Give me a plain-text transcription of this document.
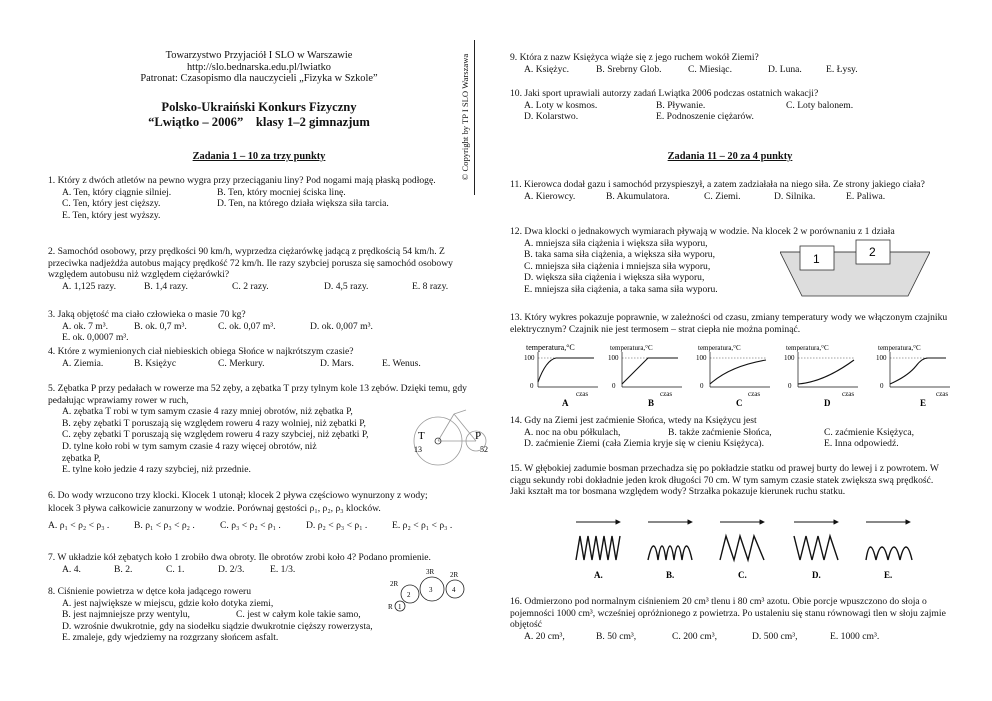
Towarzystwo Przyjaciół I SLO w Warszawie

http://slo.bednarska.edu.pl/lwiatko

Patronat: Czasopismo dla nauczycieli „Fizyka w Szkole”

Polsko-Ukraiński Konkurs Fizyczny

“Lwiątko – 2006”    klasy 1–2 gimnazjum

Zadania 1 – 10 za trzy punkty

1. Który z dwóch atletów na pewno wygra przy przeciąganiu liny? Pod nogami mają płaską podłogę.

A. Ten, który ciągnie silniej.	B. Ten, który mocniej ściska linę.
C. Ten, który jest cięższy.	D. Ten, na którego działa większa siła tarcia.
E. Ten, który jest wyższy.

2. Samochód osobowy, przy prędkości 90 km/h, wyprzedza ciężarówkę jadącą z prędkością 54 km/h. Z przeciwka nadjeżdża autobus mający prędkość 72 km/h. Ile razy szybciej porusza się samochód osobowy względem autobusu niż względem ciężarówki?

A. 1,125 razy.	B. 1,4 razy.	C. 2 razy.	D. 4,5 razy.	E. 8 razy.

3. Jaką objętość ma ciało człowieka o masie 70 kg?

A. ok. 7 m³.	B. ok. 0,7 m³.	C. ok. 0,07 m³.	D. ok. 0,007 m³.
E. ok. 0,0007 m³.

4. Które z wymienionych ciał niebieskich obiega Słońce w najkrótszym czasie?

A. Ziemia.	B. Księżyc	C. Merkury.	D. Mars.	E. Wenus.

5. Zębatka P przy pedałach w rowerze ma 52 zęby, a zębatka T przy tylnym kole 13 zębów. Dzięki temu, gdy pedałując wprawiamy rower w ruch,

A. zębatka T robi w tym samym czasie 4 razy mniej obrotów, niż zębatka P,

B. zęby zębatki T poruszają się względem roweru 4 razy wolniej, niż zębatki P,

C. zęby zębatki T poruszają się względem roweru 4 razy szybciej, niż zębatki P,

D. tylne koło robi w tym samym czasie 4 razy więcej obrotów, niż

zębatka P,

E. tylne koło jedzie 4 razy szybciej, niż przednie.

T	P
13	52

6. Do wody wrzucono trzy klocki. Klocek 1 utonął; klocek 2 pływa częściowo wynurzony z wody;

klocek 3 pływa całkowicie zanurzony w wodzie. Porównaj gęstości ρ₁, ρ₂, ρ₃ klocków.

A. ρ₁ < ρ₂ < ρ₃ .	B. ρ₁ < ρ₃ < ρ₂ .	C. ρ₃ < ρ₂ < ρ₁ .	D. ρ₂ < ρ₃ < ρ₁ .	E. ρ₂ < ρ₁ < ρ₃ .

7. W układzie kół zębatych koło 1 zrobiło dwa obroty. Ile obrotów zrobi koło 4? Podano promienie.

A. 4.	B. 2.	C. 1.	D. 2/3.	E. 1/3.
1
2
3	4
3R
2R
2R
R

8. Ciśnienie powietrza w dętce koła jadącego roweru

A. jest największe w miejscu, gdzie koło dotyka ziemi,

B. jest najmniejsze przy wentylu,	C. jest w całym kole takie samo,

D. wzrośnie dwukrotnie, gdy na siodełku siądzie dwukrotnie cięższy rowerzysta,

E. zmaleje, gdy wjedziemy na rozgrzany słońcem asfalt.

© Copyright by TP I SLO Warszawa	9. Która z nazw Księżyca wiąże się z jego ruchem wokół Ziemi?

A. Księżyc.	B. Srebrny Glob.	C. Miesiąc.	D. Luna.	E. Łysy.

10. Jaki sport uprawiali autorzy zadań Lwiątka 2006 podczas ostatnich wakacji?

A. Loty w kosmos.	B. Pływanie.	C. Loty balonem.
D. Kolarstwo.	E. Podnoszenie ciężarów.
Zadania 11 – 20 za 4 punkty

11. Kierowca dodał gazu i samochód przyspieszył, a zatem zadziałała na niego siła. Ze strony jakiego ciała?

A. Kierowcy.	B. Akumulatora.	C. Ziemi.	D. Silnika.	E. Paliwa.

12. Dwa klocki o jednakowych wymiarach pływają w wodzie. Na klocek 2 w porównaniu z 1 działa

A. mniejsza siła ciążenia i większa siła wyporu,

B. taka sama siła ciążenia, a większa siła wyporu,

C. mniejsza siła ciążenia i mniejsza siła wyporu,

D. większa siła ciążenia i większa siła wyporu,

E. mniejsza siła ciążenia, a taka sama siła wyporu.

1	2

13. Który wykres pokazuje poprawnie, w zależności od czasu, zmiany temperatury wody we włączonym czajniku elektrycznym? Czajnik nie jest termosem – strat ciepła nie można pominąć.

temperatura,°C
100
0
czas
A
temperatura,°C
100
0
czas
B
temperatura,°C
100
0
czas
C
temperatura,°C
100
0
czas
D
temperatura,°C
100
0
czas
E

14. Gdy na Ziemi jest zaćmienie Słońca, wtedy na Księżycu jest

A. noc na obu półkulach,	B. także zaćmienie Słońca,	C. zaćmienie Księżyca,
D. zaćmienie Ziemi (cała Ziemia kryje się w cieniu Księżyca).	E. Inna odpowiedź.

15. W głębokiej zadumie bosman przechadza się po pokładzie statku od prawej burty do lewej i z powrotem. W ciągu sekundy robi dokładnie jeden krok długości 70 cm. W tym samym czasie statek zwiększa swą prędkość. Jaki kształt ma tor bosmana względem wody? Strzałka pokazuje kierunek ruchu statku.

A.	B.	C.	D.	E.

16. Odmierzono pod normalnym ciśnieniem 20 cm³ tlenu i 80 cm³ azotu. Obie porcje wpuszczono do słoja o pojemności 1000 cm³, wcześniej opróżnionego z powietrza. Po ustaleniu się stanu równowagi tlen w słoju zajmie objętość

A. 20 cm³,	B. 50 cm³,	C. 200 cm³,	D. 500 cm³,	E. 1000 cm³.
